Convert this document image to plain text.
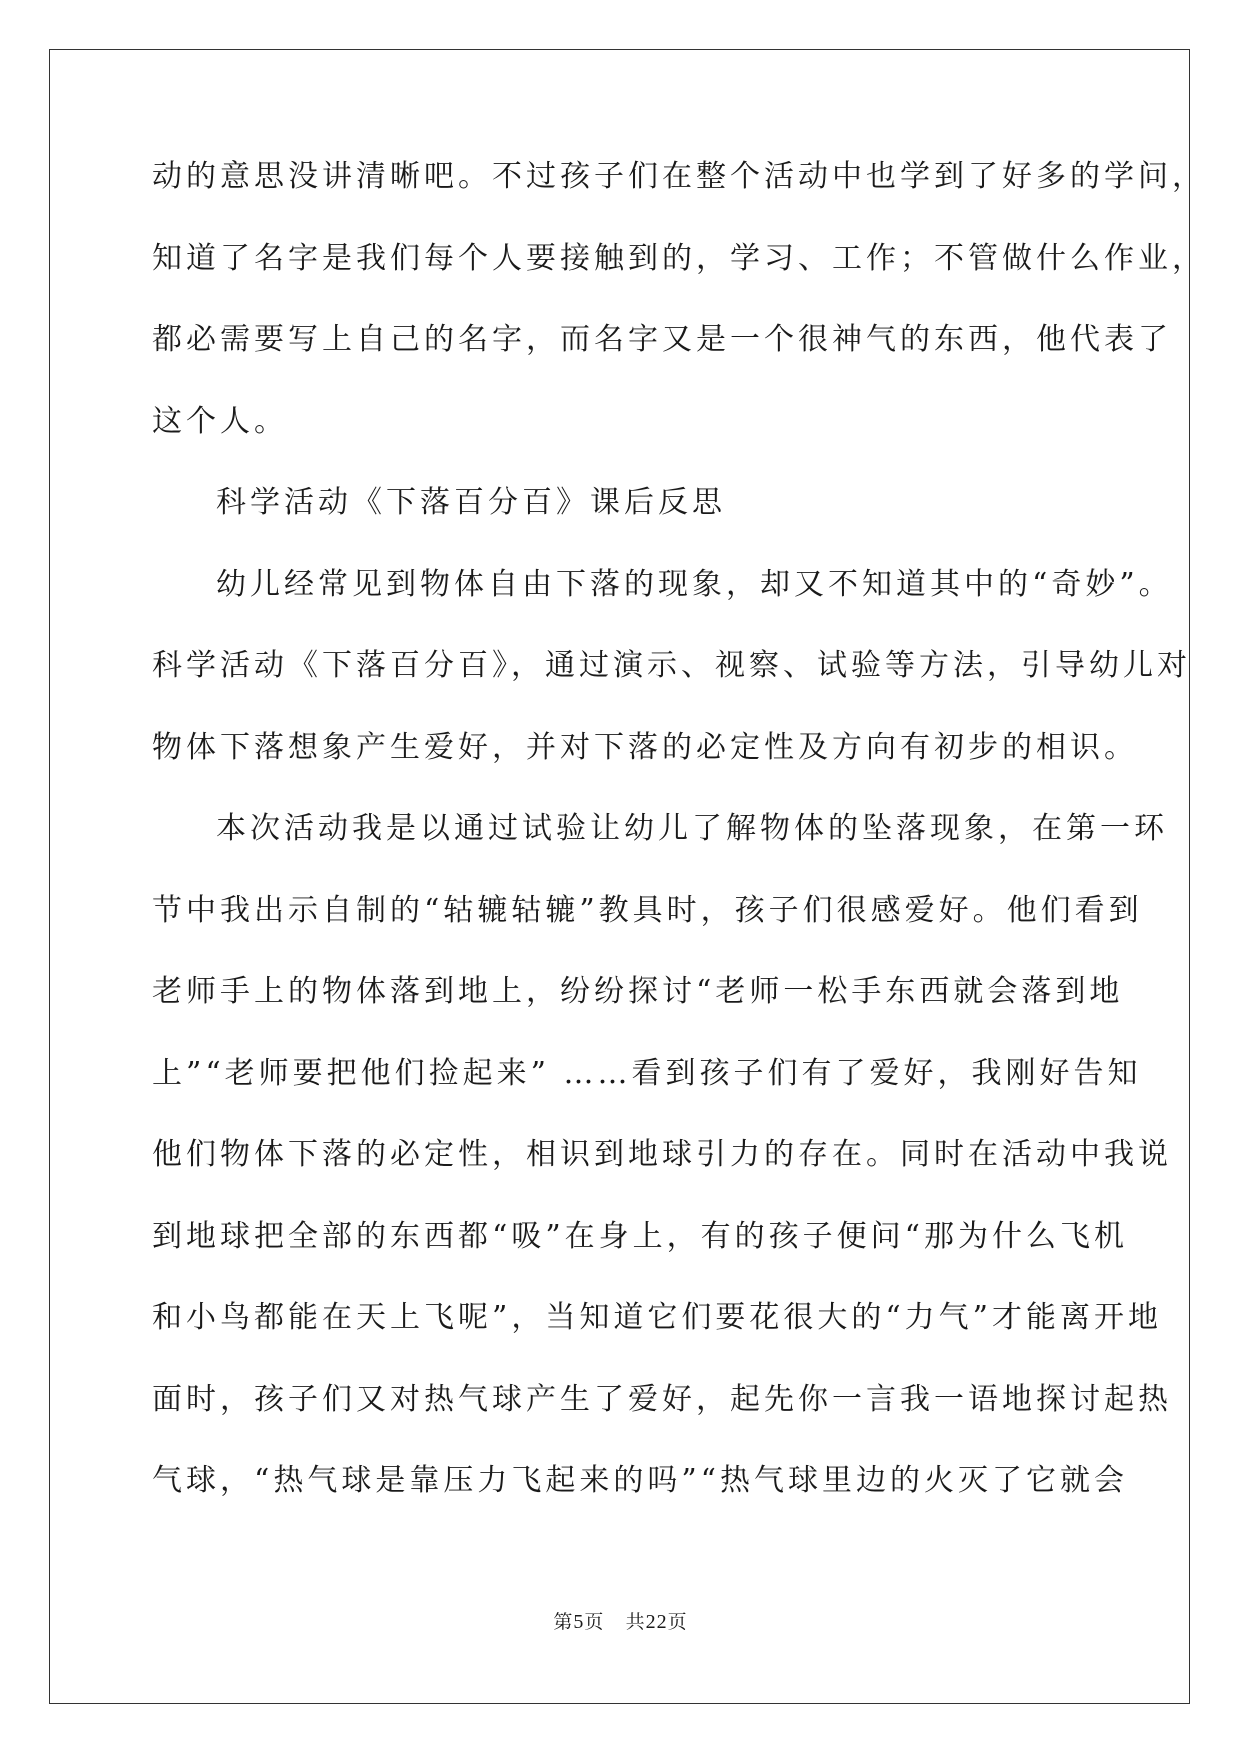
动的意思没讲清晰吧。不过孩子们在整个活动中也学到了好多的学问，
知道了名字是我们每个人要接触到的，学习、工作；不管做什么作业，
都必需要写上自己的名字，而名字又是一个很神气的东西，他代表了
这个人。
科学活动《下落百分百》课后反思
幼儿经常见到物体自由下落的现象，却又不知道其中的“奇妙”。
科学活动《下落百分百》，通过演示、视察、试验等方法，引导幼儿对
物体下落想象产生爱好，并对下落的必定性及方向有初步的相识。
本次活动我是以通过试验让幼儿了解物体的坠落现象，在第一环
节中我出示自制的“轱辘轱辘”教具时，孩子们很感爱好。他们看到
老师手上的物体落到地上，纷纷探讨“老师一松手东西就会落到地
上”“老师要把他们捡起来” ……看到孩子们有了爱好，我刚好告知
他们物体下落的必定性，相识到地球引力的存在。同时在活动中我说
到地球把全部的东西都“吸”在身上，有的孩子便问“那为什么飞机
和小鸟都能在天上飞呢”，当知道它们要花很大的“力气”才能离开地
面时，孩子们又对热气球产生了爱好，起先你一言我一语地探讨起热
气球，“热气球是靠压力飞起来的吗”“热气球里边的火灭了它就会
第5页 共22页
